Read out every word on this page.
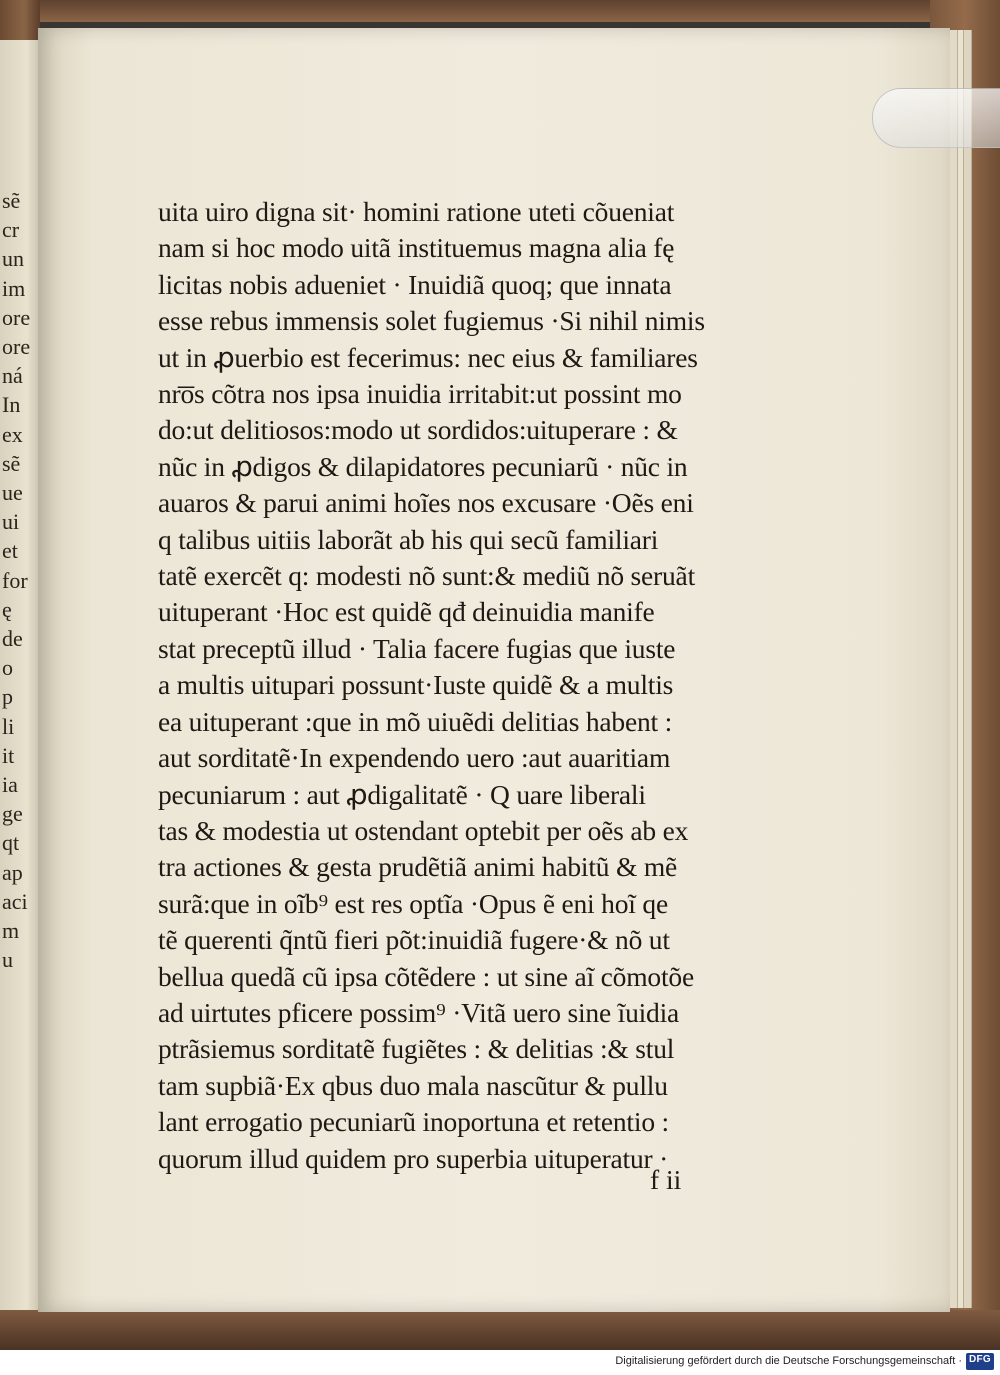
sẽ
cr
un
im
ore
ore
ná
In
ex
sẽ
ue
ui
et
for
ę
de
o
p
li
it
ia
ge
qt
ap
aci
m
u
uita uiro digna sit· homini ratione uteti cõueniat
nam si hoc modo uitã instituemus magna alia fę
licitas nobis adueniet · Inuidiã quoq; que innata
esse rebus immensis solet fugiemus ·Si nihil nimis
ut in ꝓuerbio est fecerimus: nec eius & familiares
nr͞os cõtra nos ipsa inuidia irritabit:ut possint mo
do:ut delitiosos:modo ut sordidos:uituperare : &
nũc in ꝓdigos & dilapidatores pecuniarũ · nũc in
auaros & parui animi hoĩes nos excusare ·Oẽs eni
q talibus uitiis laborãt ab his qui secũ familiari
tatẽ exercẽt q: modesti nõ sunt:& mediũ nõ seruãt
uituperant ·Hoc est quidẽ qđ deinuidia manife
stat preceptũ illud · Talia facere fugias que iuste
a multis uitupari possunt·Iuste quidẽ & a multis
ea uituperant :que in mõ uiuẽdi delitias habent :
aut sorditatẽ·In expendendo uero :aut auaritiam
pecuniarum : aut ꝓdigalitatẽ · Q uare liberali
tas & modestia ut ostendant optebit per oẽs ab ex
tra actiones & gesta prudẽtiã animi habitũ & mẽ
surã:que in oĩb⁹ est res optĩa ·Opus ẽ eni hoĩ qe
tẽ querenti q̃ntũ fieri põt:inuidiã fugere·& nõ ut
bellua quedã cũ ipsa cõtẽdere : ut sine aĩ cõmotõe
ad uirtutes pficere possim⁹ ·Vitã uero sine ĩuidia
ptrãsiemus sorditatẽ fugiẽtes : & delitias :& stul
tam supbiã·Ex qbus duo mala nascũtur & pullu
lant errogatio pecuniarũ inoportuna et retentio :
quorum illud quidem pro superbia uituperatur ·
f ii
Digitalisierung gefördert durch die Deutsche Forschungsgemeinschaft · DFG
